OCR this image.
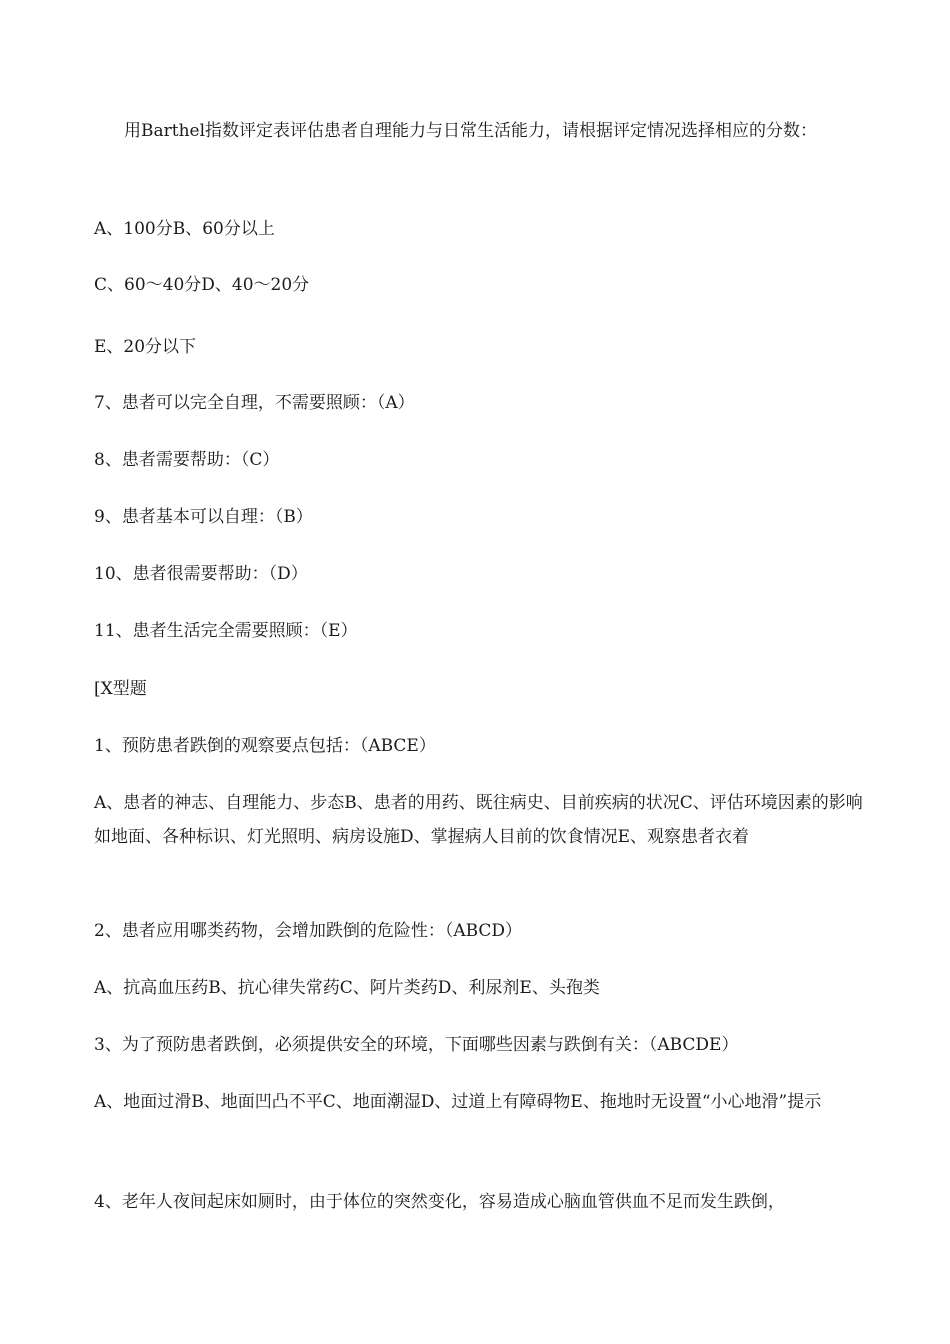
用Barthel指数评定表评估患者自理能力与日常生活能力，请根据评定情况选择相应的分数：
A、100分B、60分以上
C、60〜40分D、40〜20分
E、20分以下
7、患者可以完全自理，不需要照顾：（A）
8、患者需要帮助：（C）
9、患者基本可以自理：（B）
10、患者很需要帮助：（D）
11、患者生活完全需要照顾：（E）
[X型题
1、预防患者跌倒的观察要点包括：（ABCE）
A、患者的神志、自理能力、步态B、患者的用药、既往病史、目前疾病的状况C、评估环境因素的影响如地面、各种标识、灯光照明、病房设施D、掌握病人目前的饮食情况E、观察患者衣着
2、患者应用哪类药物，会增加跌倒的危险性：（ABCD）
A、抗高血压药B、抗心律失常药C、阿片类药D、利尿剂E、头孢类
3、为了预防患者跌倒，必须提供安全的环境，下面哪些因素与跌倒有关：（ABCDE）
A、地面过滑B、地面凹凸不平C、地面潮湿D、过道上有障碍物E、拖地时无设置“小心地滑”提示
4、老年人夜间起床如厕时，由于体位的突然变化，容易造成心脑血管供血不足而发生跌倒，
